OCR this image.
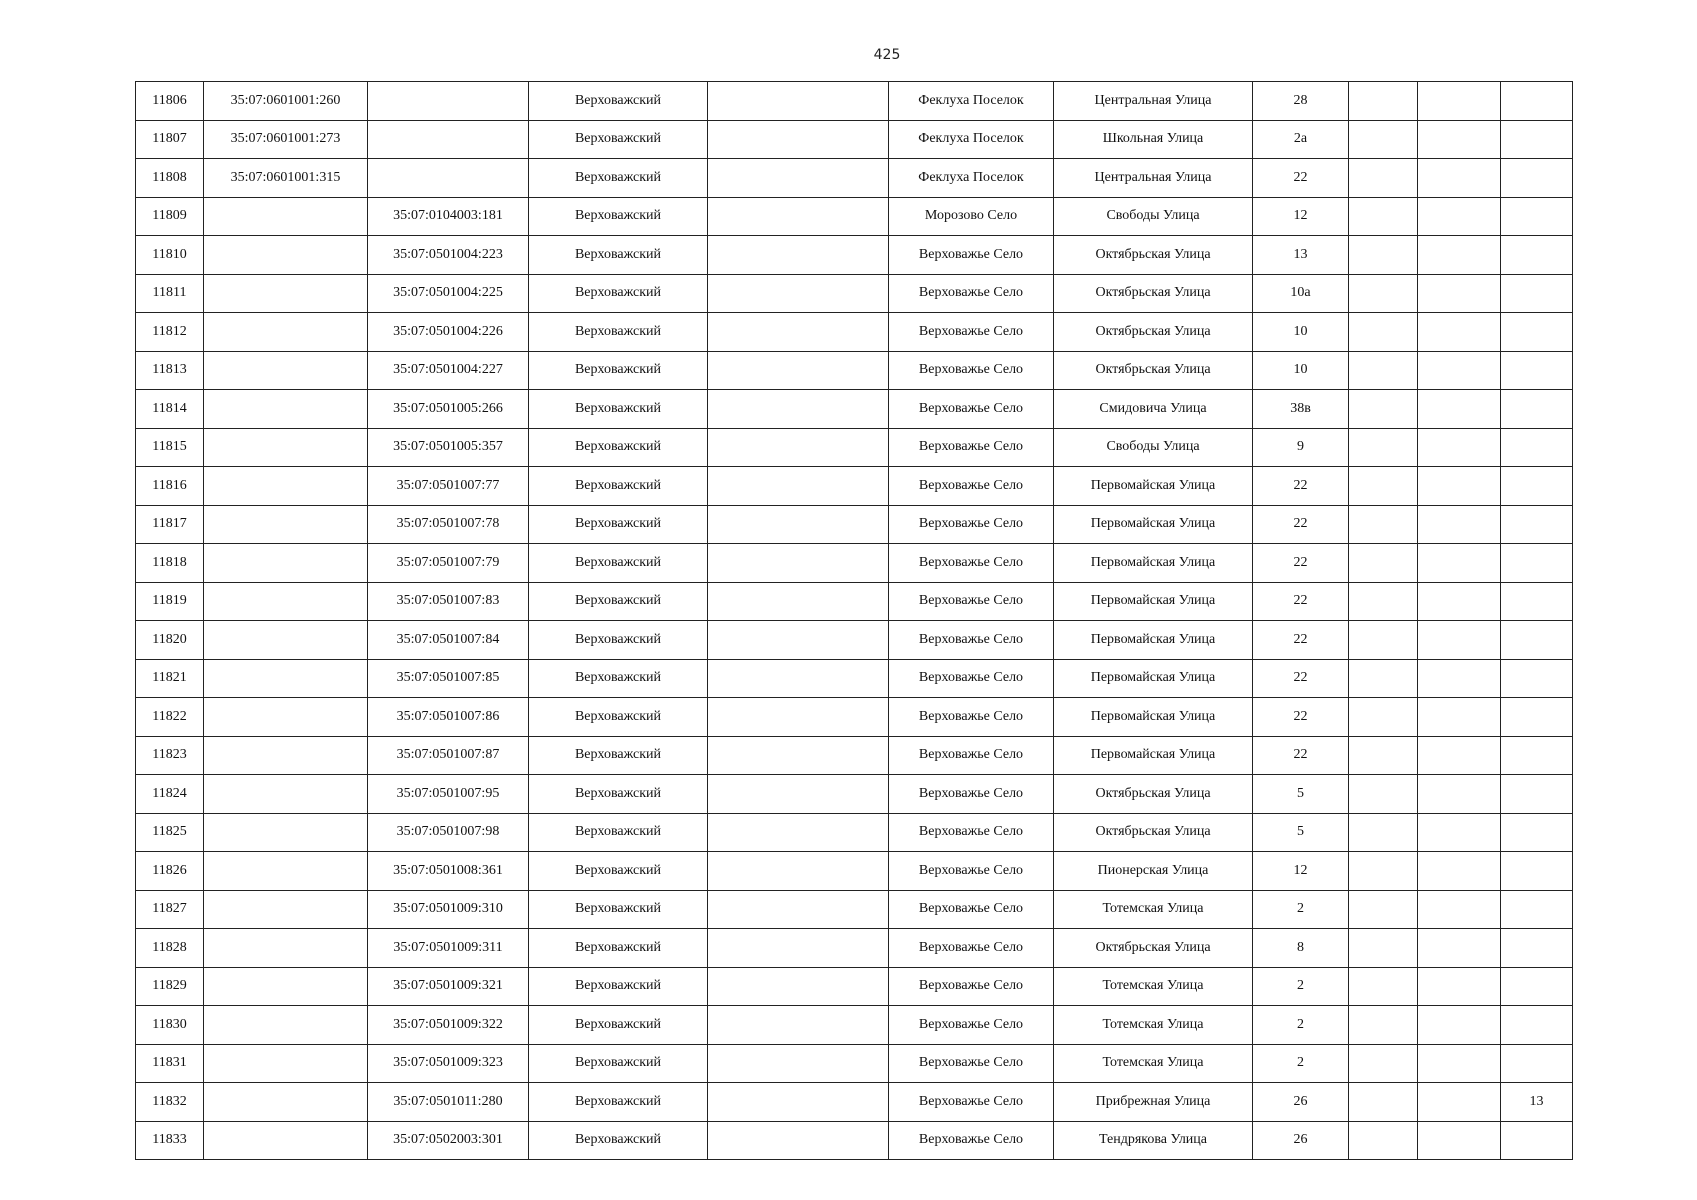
425
11806	35:07:0601001:260		Верховажский		Феклуха Поселок	Центральная Улица	28			
11807	35:07:0601001:273		Верховажский		Феклуха Поселок	Школьная Улица	2а			
11808	35:07:0601001:315		Верховажский		Феклуха Поселок	Центральная Улица	22			
11809		35:07:0104003:181	Верховажский		Морозово Село	Свободы Улица	12			
11810		35:07:0501004:223	Верховажский		Верховажье Село	Октябрьская Улица	13			
11811		35:07:0501004:225	Верховажский		Верховажье Село	Октябрьская Улица	10а			
11812		35:07:0501004:226	Верховажский		Верховажье Село	Октябрьская Улица	10			
11813		35:07:0501004:227	Верховажский		Верховажье Село	Октябрьская Улица	10			
11814		35:07:0501005:266	Верховажский		Верховажье Село	Смидовича Улица	38в			
11815		35:07:0501005:357	Верховажский		Верховажье Село	Свободы Улица	9			
11816		35:07:0501007:77	Верховажский		Верховажье Село	Первомайская Улица	22			
11817		35:07:0501007:78	Верховажский		Верховажье Село	Первомайская Улица	22			
11818		35:07:0501007:79	Верховажский		Верховажье Село	Первомайская Улица	22			
11819		35:07:0501007:83	Верховажский		Верховажье Село	Первомайская Улица	22			
11820		35:07:0501007:84	Верховажский		Верховажье Село	Первомайская Улица	22			
11821		35:07:0501007:85	Верховажский		Верховажье Село	Первомайская Улица	22			
11822		35:07:0501007:86	Верховажский		Верховажье Село	Первомайская Улица	22			
11823		35:07:0501007:87	Верховажский		Верховажье Село	Первомайская Улица	22			
11824		35:07:0501007:95	Верховажский		Верховажье Село	Октябрьская Улица	5			
11825		35:07:0501007:98	Верховажский		Верховажье Село	Октябрьская Улица	5			
11826		35:07:0501008:361	Верховажский		Верховажье Село	Пионерская Улица	12			
11827		35:07:0501009:310	Верховажский		Верховажье Село	Тотемская Улица	2			
11828		35:07:0501009:311	Верховажский		Верховажье Село	Октябрьская Улица	8			
11829		35:07:0501009:321	Верховажский		Верховажье Село	Тотемская Улица	2			
11830		35:07:0501009:322	Верховажский		Верховажье Село	Тотемская Улица	2			
11831		35:07:0501009:323	Верховажский		Верховажье Село	Тотемская Улица	2			
11832		35:07:0501011:280	Верховажский		Верховажье Село	Прибрежная Улица	26			13
11833		35:07:0502003:301	Верховажский		Верховажье Село	Тендрякова Улица	26			
